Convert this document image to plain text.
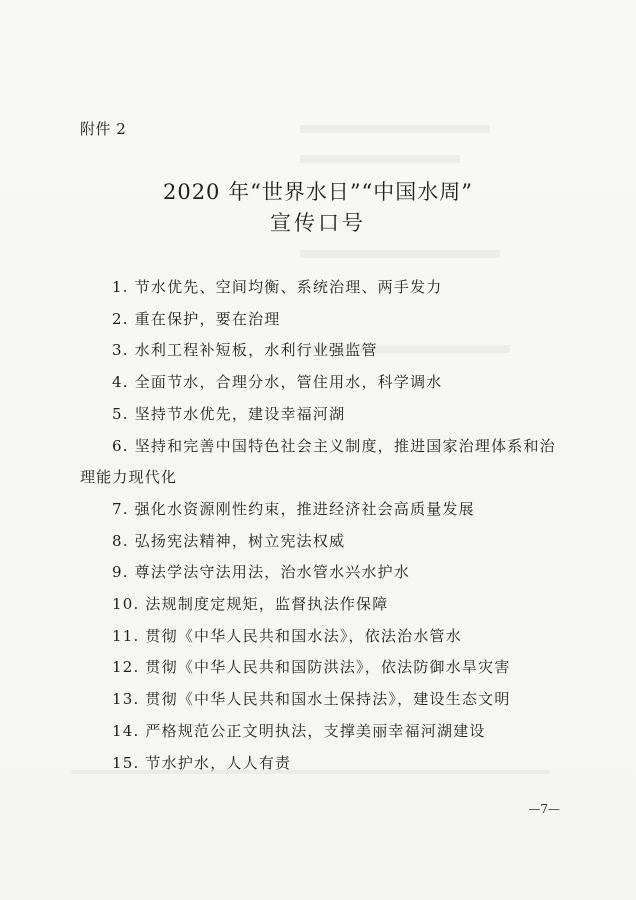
附件 2
2020 年“世界水日”“中国水周”
宣传口号

1. 节水优先、空间均衡、系统治理、两手发力

2. 重在保护，要在治理

3. 水利工程补短板，水利行业强监管

4. 全面节水，合理分水，管住用水，科学调水

5. 坚持节水优先，建设幸福河湖

6. 坚持和完善中国特色社会主义制度，推进国家治理体系和治理能力现代化

7. 强化水资源刚性约束，推进经济社会高质量发展

8. 弘扬宪法精神，树立宪法权威

9. 尊法学法守法用法，治水管水兴水护水

10. 法规制度定规矩，监督执法作保障

11. 贯彻《中华人民共和国水法》，依法治水管水

12. 贯彻《中华人民共和国防洪法》，依法防御水旱灾害

13. 贯彻《中华人民共和国水土保持法》，建设生态文明

14. 严格规范公正文明执法，支撑美丽幸福河湖建设

15. 节水护水，人人有责

—7—
